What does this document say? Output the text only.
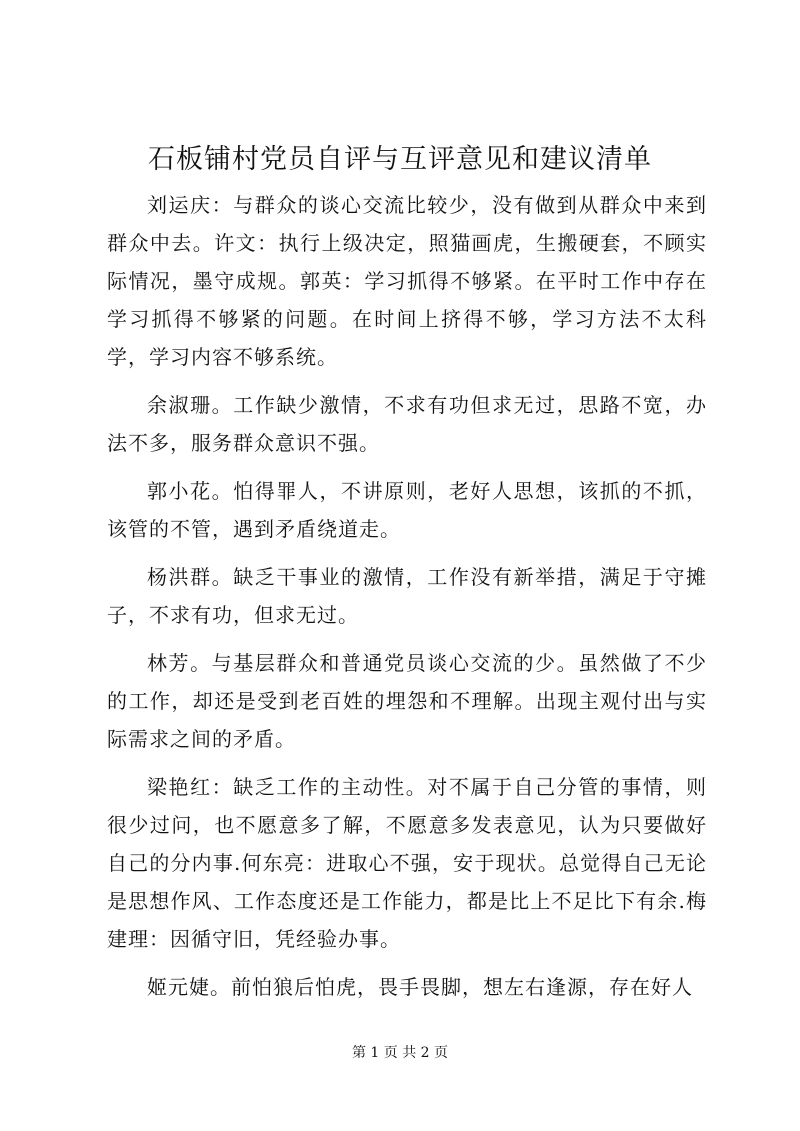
石板铺村党员自评与互评意见和建议清单

刘运庆：与群众的谈心交流比较少，没有做到从群众中来到群众中去。许文：执行上级决定，照猫画虎，生搬硬套，不顾实际情况，墨守成规。郭英：学习抓得不够紧。在平时工作中存在学习抓得不够紧的问题。在时间上挤得不够，学习方法不太科学，学习内容不够系统。

余淑珊。工作缺少激情，不求有功但求无过，思路不宽，办法不多，服务群众意识不强。

郭小花。怕得罪人，不讲原则，老好人思想，该抓的不抓，该管的不管，遇到矛盾绕道走。

杨洪群。缺乏干事业的激情，工作没有新举措，满足于守摊子，不求有功，但求无过。

林芳。与基层群众和普通党员谈心交流的少。虽然做了不少的工作，却还是受到老百姓的埋怨和不理解。出现主观付出与实际需求之间的矛盾。

梁艳红：缺乏工作的主动性。对不属于自己分管的事情，则很少过问，也不愿意多了解，不愿意多发表意见，认为只要做好自己的分内事.何东亮：进取心不强，安于现状。总觉得自己无论是思想作风、工作态度还是工作能力，都是比上不足比下有余.梅建理：因循守旧，凭经验办事。

姬元婕。前怕狼后怕虎，畏手畏脚，想左右逢源，存在好人

第 1 页 共 2 页
